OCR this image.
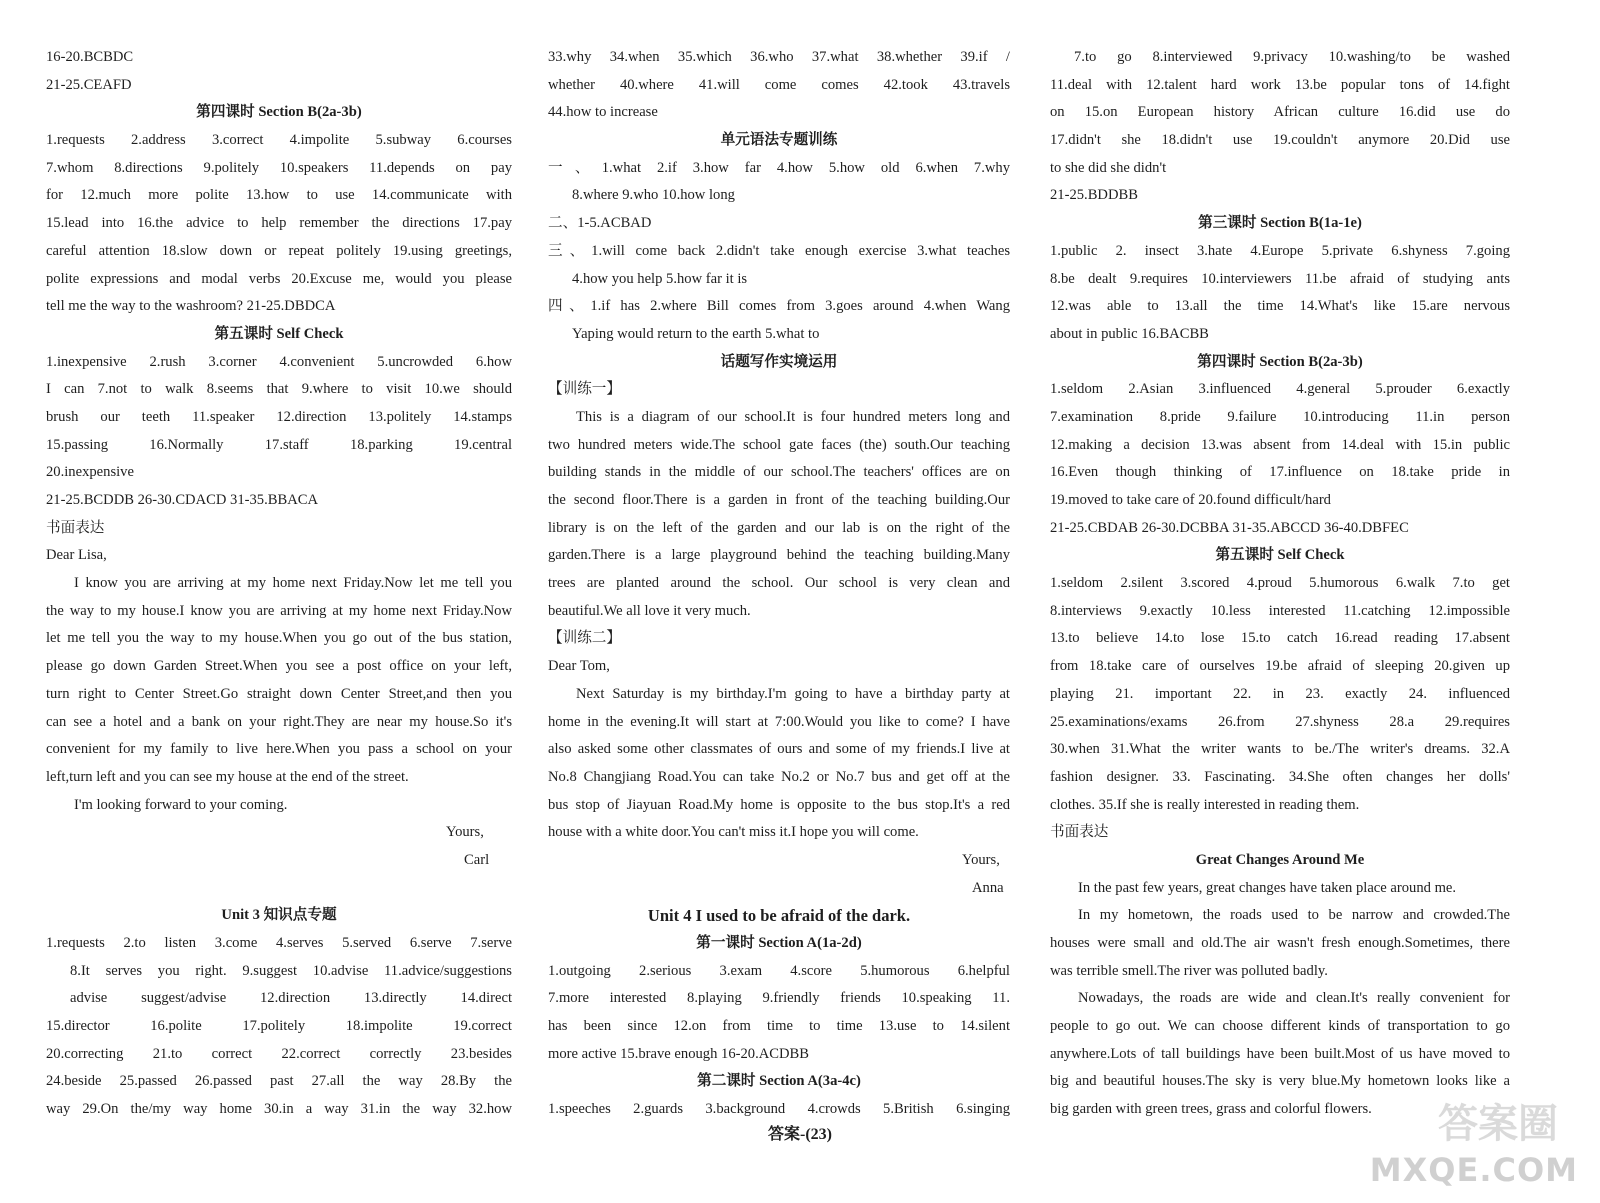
16-20.BCBDC
21-25.CEAFD
第四课时 Section B(2a-3b)
1.requests 2.address 3.correct 4.impolite 5.subway 6.courses
7.whom 8.directions 9.politely 10.speakers 11.depends on pay
for 12.much more polite 13.how to use 14.communicate with
15.lead into 16.the advice to help remember the directions 17.pay
careful attention 18.slow down or repeat politely 19.using greetings,
polite expressions and modal verbs 20.Excuse me, would you please
tell me the way to the washroom? 21-25.DBDCA
第五课时 Self Check
1.inexpensive 2.rush 3.corner 4.convenient 5.uncrowded 6.how
I can 7.not to walk 8.seems that 9.where to visit 10.we should
brush our teeth 11.speaker 12.direction 13.politely 14.stamps
15.passing 16.Normally 17.staff 18.parking 19.central
20.inexpensive
21-25.BCDDB 26-30.CDACD 31-35.BBACA
书面表达
Dear Lisa,
I know you are arriving at my home next Friday.Now let me tell you
the way to my house.I know you are arriving at my home next Friday.Now
let me tell you the way to my house.When you go out of the bus station,
please go down Garden Street.When you see a post office on your left,
turn right to Center Street.Go straight down Center Street,and then you
can see a hotel and a bank on your right.They are near my house.So it's
convenient for my family to live here.When you pass a school on your
left,turn left and you can see my house at the end of the street.
I'm looking forward to your coming.
Yours,
Carl
Unit 3 知识点专题
1.requests 2.to listen 3.come 4.serves 5.served 6.serve 7.serve
8.It serves you right. 9.suggest 10.advise 11.advice/suggestions
advise suggest/advise 12.direction 13.directly 14.direct
15.director 16.polite 17.politely 18.impolite 19.correct
20.correcting 21.to correct 22.correct correctly 23.besides
24.beside 25.passed 26.passed past 27.all the way 28.By the
way 29.On the/my way home 30.in a way 31.in the way 32.how
33.why 34.when 35.which 36.who 37.what 38.whether 39.if /
whether 40.where 41.will come comes 42.took 43.travels
44.how to increase
单元语法专题训练
一、1.what 2.if 3.how far 4.how 5.how old 6.when 7.why
8.where 9.who 10.how long
二、1-5.ACBAD
三、1.will come back 2.didn't take enough exercise 3.what teaches
4.how you help 5.how far it is
四、1.if has 2.where Bill comes from 3.goes around 4.when Wang
Yaping would return to the earth 5.what to
话题写作实境运用
【训练一】
This is a diagram of our school.It is four hundred meters long and
two hundred meters wide.The school gate faces (the) south.Our teaching
building stands in the middle of our school.The teachers' offices are on
the second floor.There is a garden in front of the teaching building.Our
library is on the left of the garden and our lab is on the right of the
garden.There is a large playground behind the teaching building.Many
trees are planted around the school. Our school is very clean and
beautiful.We all love it very much.
【训练二】
Dear Tom,
Next Saturday is my birthday.I'm going to have a birthday party at
home in the evening.It will start at 7:00.Would you like to come? I have
also asked some other classmates of ours and some of my friends.I live at
No.8 Changjiang Road.You can take No.2 or No.7 bus and get off at the
bus stop of Jiayuan Road.My home is opposite to the bus stop.It's a red
house with a white door.You can't miss it.I hope you will come.
Yours,
Anna
Unit 4 I used to be afraid of the dark.
第一课时 Section A(1a-2d)
1.outgoing 2.serious 3.exam 4.score 5.humorous 6.helpful
7.more interested 8.playing 9.friendly friends 10.speaking 11.
has been since 12.on from time to time 13.use to 14.silent
more active 15.brave enough 16-20.ACDBB
第二课时 Section A(3a-4c)
1.speeches 2.guards 3.background 4.crowds 5.British 6.singing
7.to go 8.interviewed 9.privacy 10.washing/to be washed
11.deal with 12.talent hard work 13.be popular tons of 14.fight
on 15.on European history African culture 16.did use do
17.didn't she 18.didn't use 19.couldn't anymore 20.Did use
to she did she didn't
21-25.BDDBB
第三课时 Section B(1a-1e)
1.public 2. insect 3.hate 4.Europe 5.private 6.shyness 7.going
8.be dealt 9.requires 10.interviewers 11.be afraid of studying ants
12.was able to 13.all the time 14.What's like 15.are nervous
about in public 16.BACBB
第四课时 Section B(2a-3b)
1.seldom 2.Asian 3.influenced 4.general 5.prouder 6.exactly
7.examination 8.pride 9.failure 10.introducing 11.in person
12.making a decision 13.was absent from 14.deal with 15.in public
16.Even though thinking of 17.influence on 18.take pride in
19.moved to take care of 20.found difficult/hard
21-25.CBDAB 26-30.DCBBA 31-35.ABCCD 36-40.DBFEC
第五课时 Self Check
1.seldom 2.silent 3.scored 4.proud 5.humorous 6.walk 7.to get
8.interviews 9.exactly 10.less interested 11.catching 12.impossible
13.to believe 14.to lose 15.to catch 16.read reading 17.absent
from 18.take care of ourselves 19.be afraid of sleeping 20.given up
playing 21. important 22. in 23. exactly 24. influenced
25.examinations/exams 26.from 27.shyness 28.a 29.requires
30.when 31.What the writer wants to be./The writer's dreams. 32.A
fashion designer. 33. Fascinating. 34.She often changes her dolls'
clothes. 35.If she is really interested in reading them.
书面表达
Great Changes Around Me
In the past few years, great changes have taken place around me.
In my hometown, the roads used to be narrow and crowded.The
houses were small and old.The air wasn't fresh enough.Sometimes, there
was terrible smell.The river was polluted badly.
Nowadays, the roads are wide and clean.It's really convenient for
people to go out. We can choose different kinds of transportation to go
anywhere.Lots of tall buildings have been built.Most of us have moved to
big and beautiful houses.The sky is very blue.My hometown looks like a
big garden with green trees, grass and colorful flowers.
答案-(23)	答案圈
MXQE.COM
